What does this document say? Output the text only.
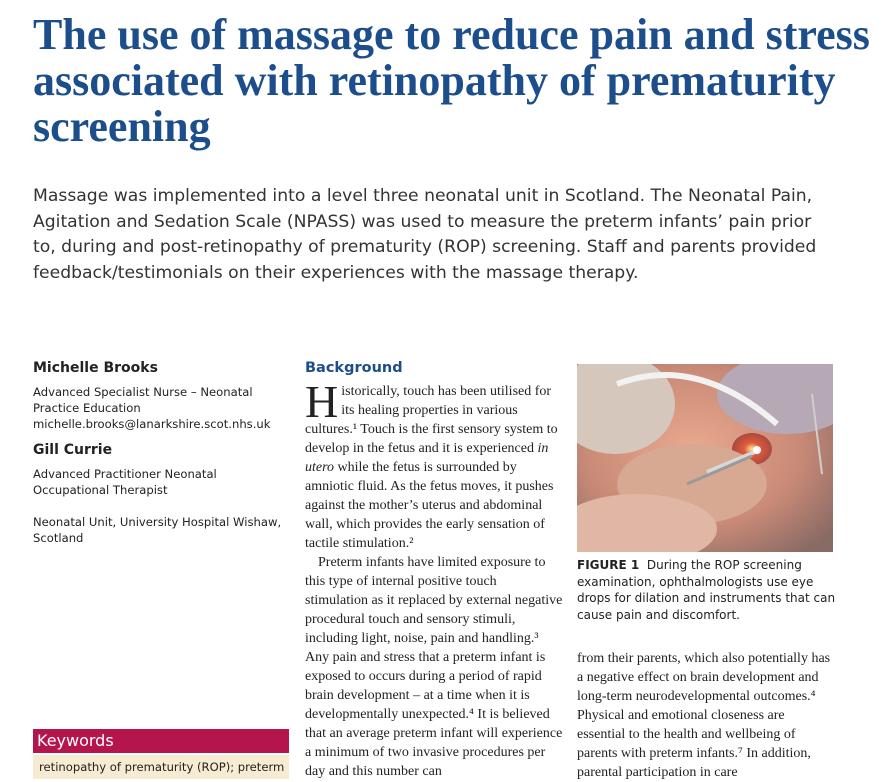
The use of massage to reduce pain and stress associated with retinopathy of prematurity screening

Massage was implemented into a level three neonatal unit in Scotland. The Neonatal Pain, Agitation and Sedation Scale (NPASS) was used to measure the preterm infants’ pain prior to, during and post-retinopathy of prematurity (ROP) screening. Staff and parents provided feedback/testimonials on their experiences with the massage therapy.

Michelle Brooks

Advanced Specialist Nurse – Neonatal

Practice Education

michelle.brooks@lanarkshire.scot.nhs.uk

Gill Currie

Advanced Practitioner Neonatal

Occupational Therapist

Neonatal Unit, University Hospital Wishaw,

Scotland

Keywords
retinopathy of prematurity (ROP); preterm

Background

Historically, touch has been utilised for its healing properties in various cultures.¹ Touch is the first sensory system to develop in the fetus and it is experienced in utero while the fetus is surrounded by amniotic fluid. As the fetus moves, it pushes against the mother’s uterus and abdominal wall, which provides the early sensation of tactile stimulation.²

Preterm infants have limited exposure to this type of internal positive touch stimulation as it replaced by external negative procedural touch and sensory stimuli, including light, noise, pain and handling.³ Any pain and stress that a preterm infant is exposed to occurs during a period of rapid brain development – at a time when it is developmentally unexpected.⁴ It is believed that an average preterm infant will experience a minimum of two invasive procedures per day and this number can

FIGURE 1 During the ROP screening examination, ophthalmologists use eye drops for dilation and instruments that can cause pain and discomfort.

from their parents, which also potentially has a negative effect on brain development and long-term neurodevelopmental outcomes.⁴ Physical and emotional closeness are essential to the health and wellbeing of parents with preterm infants.⁷ In addition, parental participation in care
